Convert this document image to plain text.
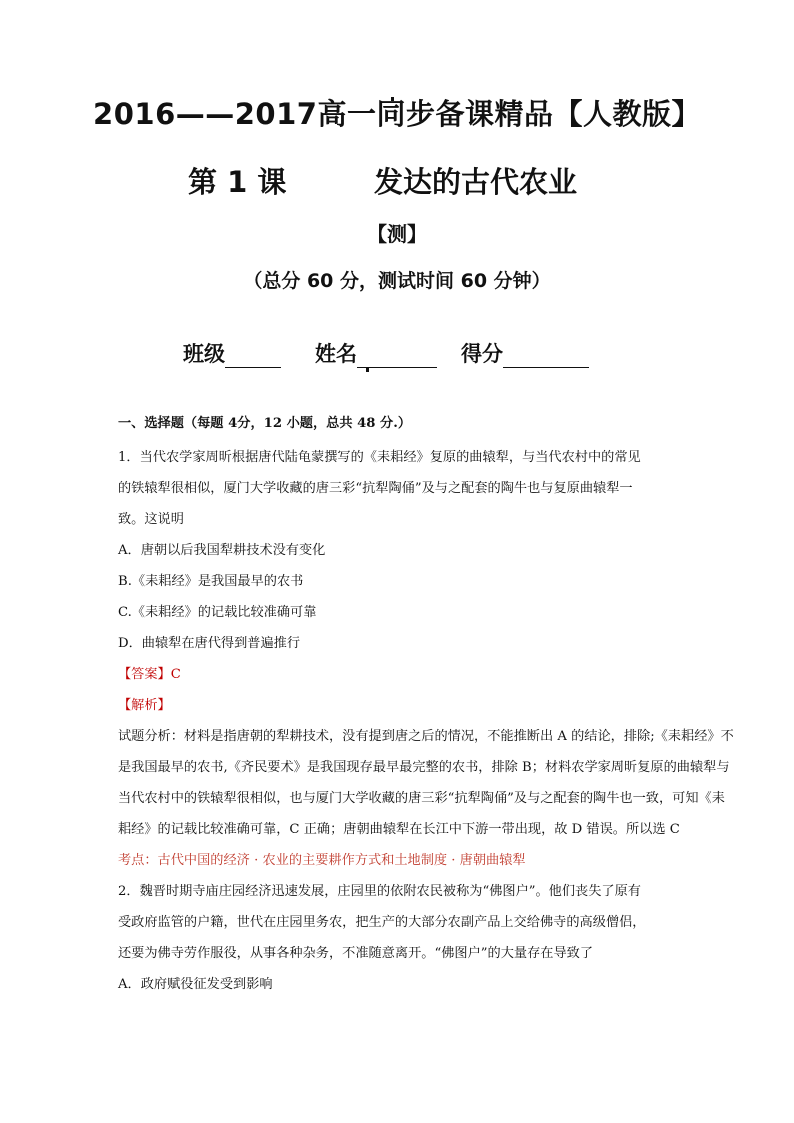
2016——2017高一同步备课精品【人教版】
第 1 课	发达的古代农业
【测】
（总分 60 分，测试时间 60 分钟）
班级	姓名	得分
一、选择题（每题 4分，12 小题，总共 48 分.）
1．当代农学家周昕根据唐代陆龟蒙撰写的《耒耜经》复原的曲辕犁，与当代农村中的常见
的铁辕犁很相似，厦门大学收藏的唐三彩“抗犁陶俑”及与之配套的陶牛也与复原曲辕犁一
致。这说明
A．唐朝以后我国犁耕技术没有变化
B.《耒耜经》是我国最早的农书
C.《耒耜经》的记载比较准确可靠
D．曲辕犁在唐代得到普遍推行
【答案】C
【解析】
试题分析：材料是指唐朝的犁耕技术，没有提到唐之后的情况，不能推断出 A 的结论，排除;《耒耜经》不
是我国最早的农书,《齐民要术》是我国现存最早最完整的农书，排除 B；材料农学家周昕复原的曲辕犁与
当代农村中的铁辕犁很相似，也与厦门大学收藏的唐三彩“抗犁陶俑”及与之配套的陶牛也一致，可知《耒
耜经》的记载比较准确可靠，C 正确；唐朝曲辕犁在长江中下游一带出现，故 D 错误。所以选 C
考点：古代中国的经济 · 农业的主要耕作方式和土地制度 · 唐朝曲辕犁
2．魏晋时期寺庙庄园经济迅速发展，庄园里的依附农民被称为“佛图户”。他们丧失了原有
受政府监管的户籍，世代在庄园里务农，把生产的大部分农副产品上交给佛寺的高级僧侣，
还要为佛寺劳作服役，从事各种杂务，不准随意离开。“佛图户”的大量存在导致了
A．政府赋役征发受到影响
